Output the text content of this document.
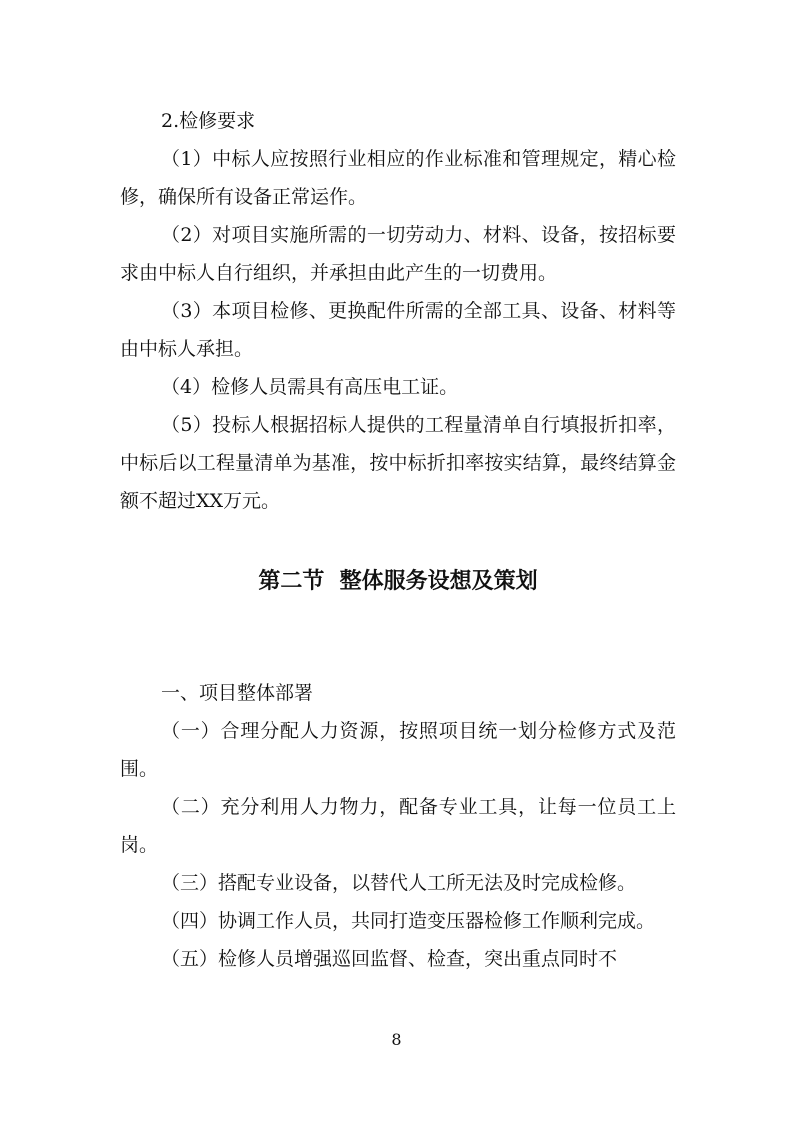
2.检修要求

（1）中标人应按照行业相应的作业标准和管理规定，精心检修，确保所有设备正常运作。

（2）对项目实施所需的一切劳动力、材料、设备，按招标要求由中标人自行组织，并承担由此产生的一切费用。

（3）本项目检修、更换配件所需的全部工具、设备、材料等由中标人承担。

（4）检修人员需具有高压电工证。

（5）投标人根据招标人提供的工程量清单自行填报折扣率，中标后以工程量清单为基准，按中标折扣率按实结算，最终结算金额不超过XX万元。

第二节  整体服务设想及策划

一、项目整体部署

（一）合理分配人力资源，按照项目统一划分检修方式及范围。

（二）充分利用人力物力，配备专业工具，让每一位员工上岗。

（三）搭配专业设备，以替代人工所无法及时完成检修。

（四）协调工作人员，共同打造变压器检修工作顺利完成。

（五）检修人员增强巡回监督、检查，突出重点同时不

8
